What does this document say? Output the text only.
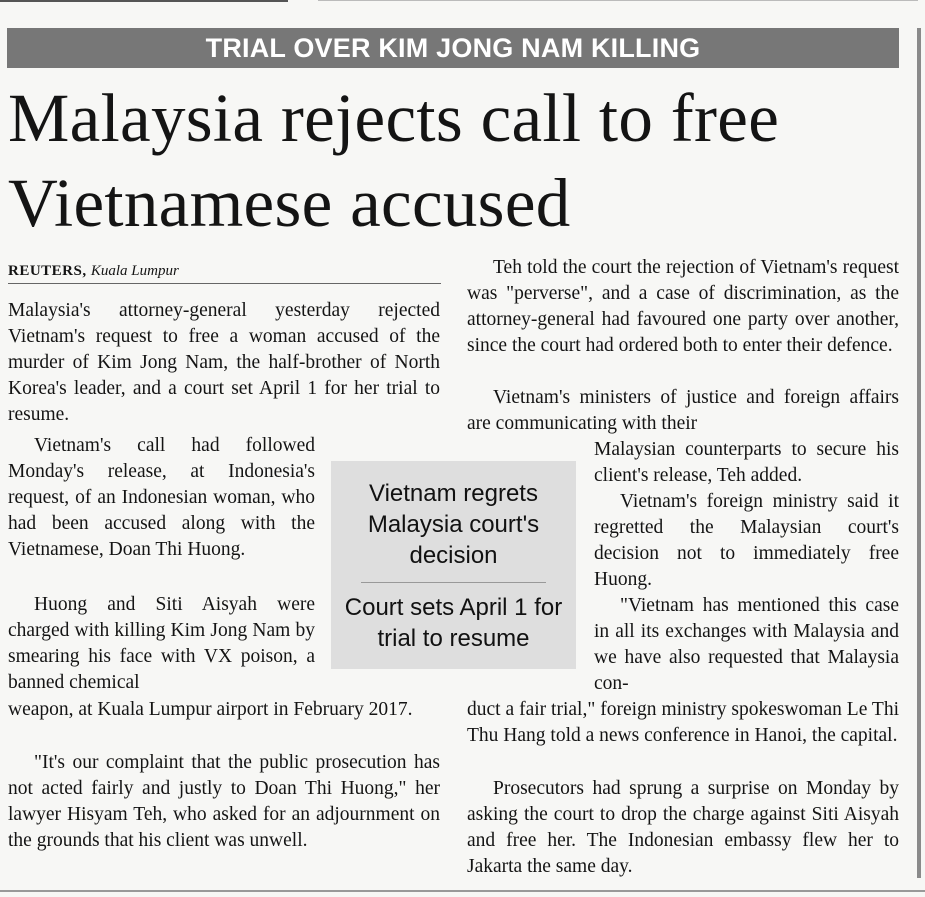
TRIAL OVER KIM JONG NAM KILLING
Malaysia rejects call to free Vietnamese accused
REUTERS, Kuala Lumpur

Malaysia's attorney-general yesterday rejected Vietnam's request to free a woman accused of the murder of Kim Jong Nam, the half-brother of North Korea's leader, and a court set April 1 for her trial to resume.

Vietnam's call had followed Monday's release, at Indonesia's request, of an Indonesian woman, who had been accused along with the Vietnamese, Doan Thi Huong.

Huong and Siti Aisyah were charged with killing Kim Jong Nam by smearing his face with VX poison, a banned chemical

weapon, at Kuala Lumpur airport in February 2017.

"It's our complaint that the public prosecution has not acted fairly and justly to Doan Thi Huong," her lawyer Hisyam Teh, who asked for an adjournment on the grounds that his client was unwell.

Vietnam regrets Malaysia court's decision
Court sets April 1 for trial to resume

Teh told the court the rejection of Vietnam's request was "perverse", and a case of discrimination, as the attorney-general had favoured one party over another, since the court had ordered both to enter their defence.

Vietnam's ministers of justice and foreign affairs are communicating with their

Malaysian counterparts to secure his client's release, Teh added.

Vietnam's foreign ministry said it regretted the Malaysian court's decision not to immediately free Huong.

"Vietnam has mentioned this case in all its exchanges with Malaysia and we have also requested that Malaysia con-

duct a fair trial," foreign ministry spokeswoman Le Thi Thu Hang told a news conference in Hanoi, the capital.

Prosecutors had sprung a surprise on Monday by asking the court to drop the charge against Siti Aisyah and free her. The Indonesian embassy flew her to Jakarta the same day.
